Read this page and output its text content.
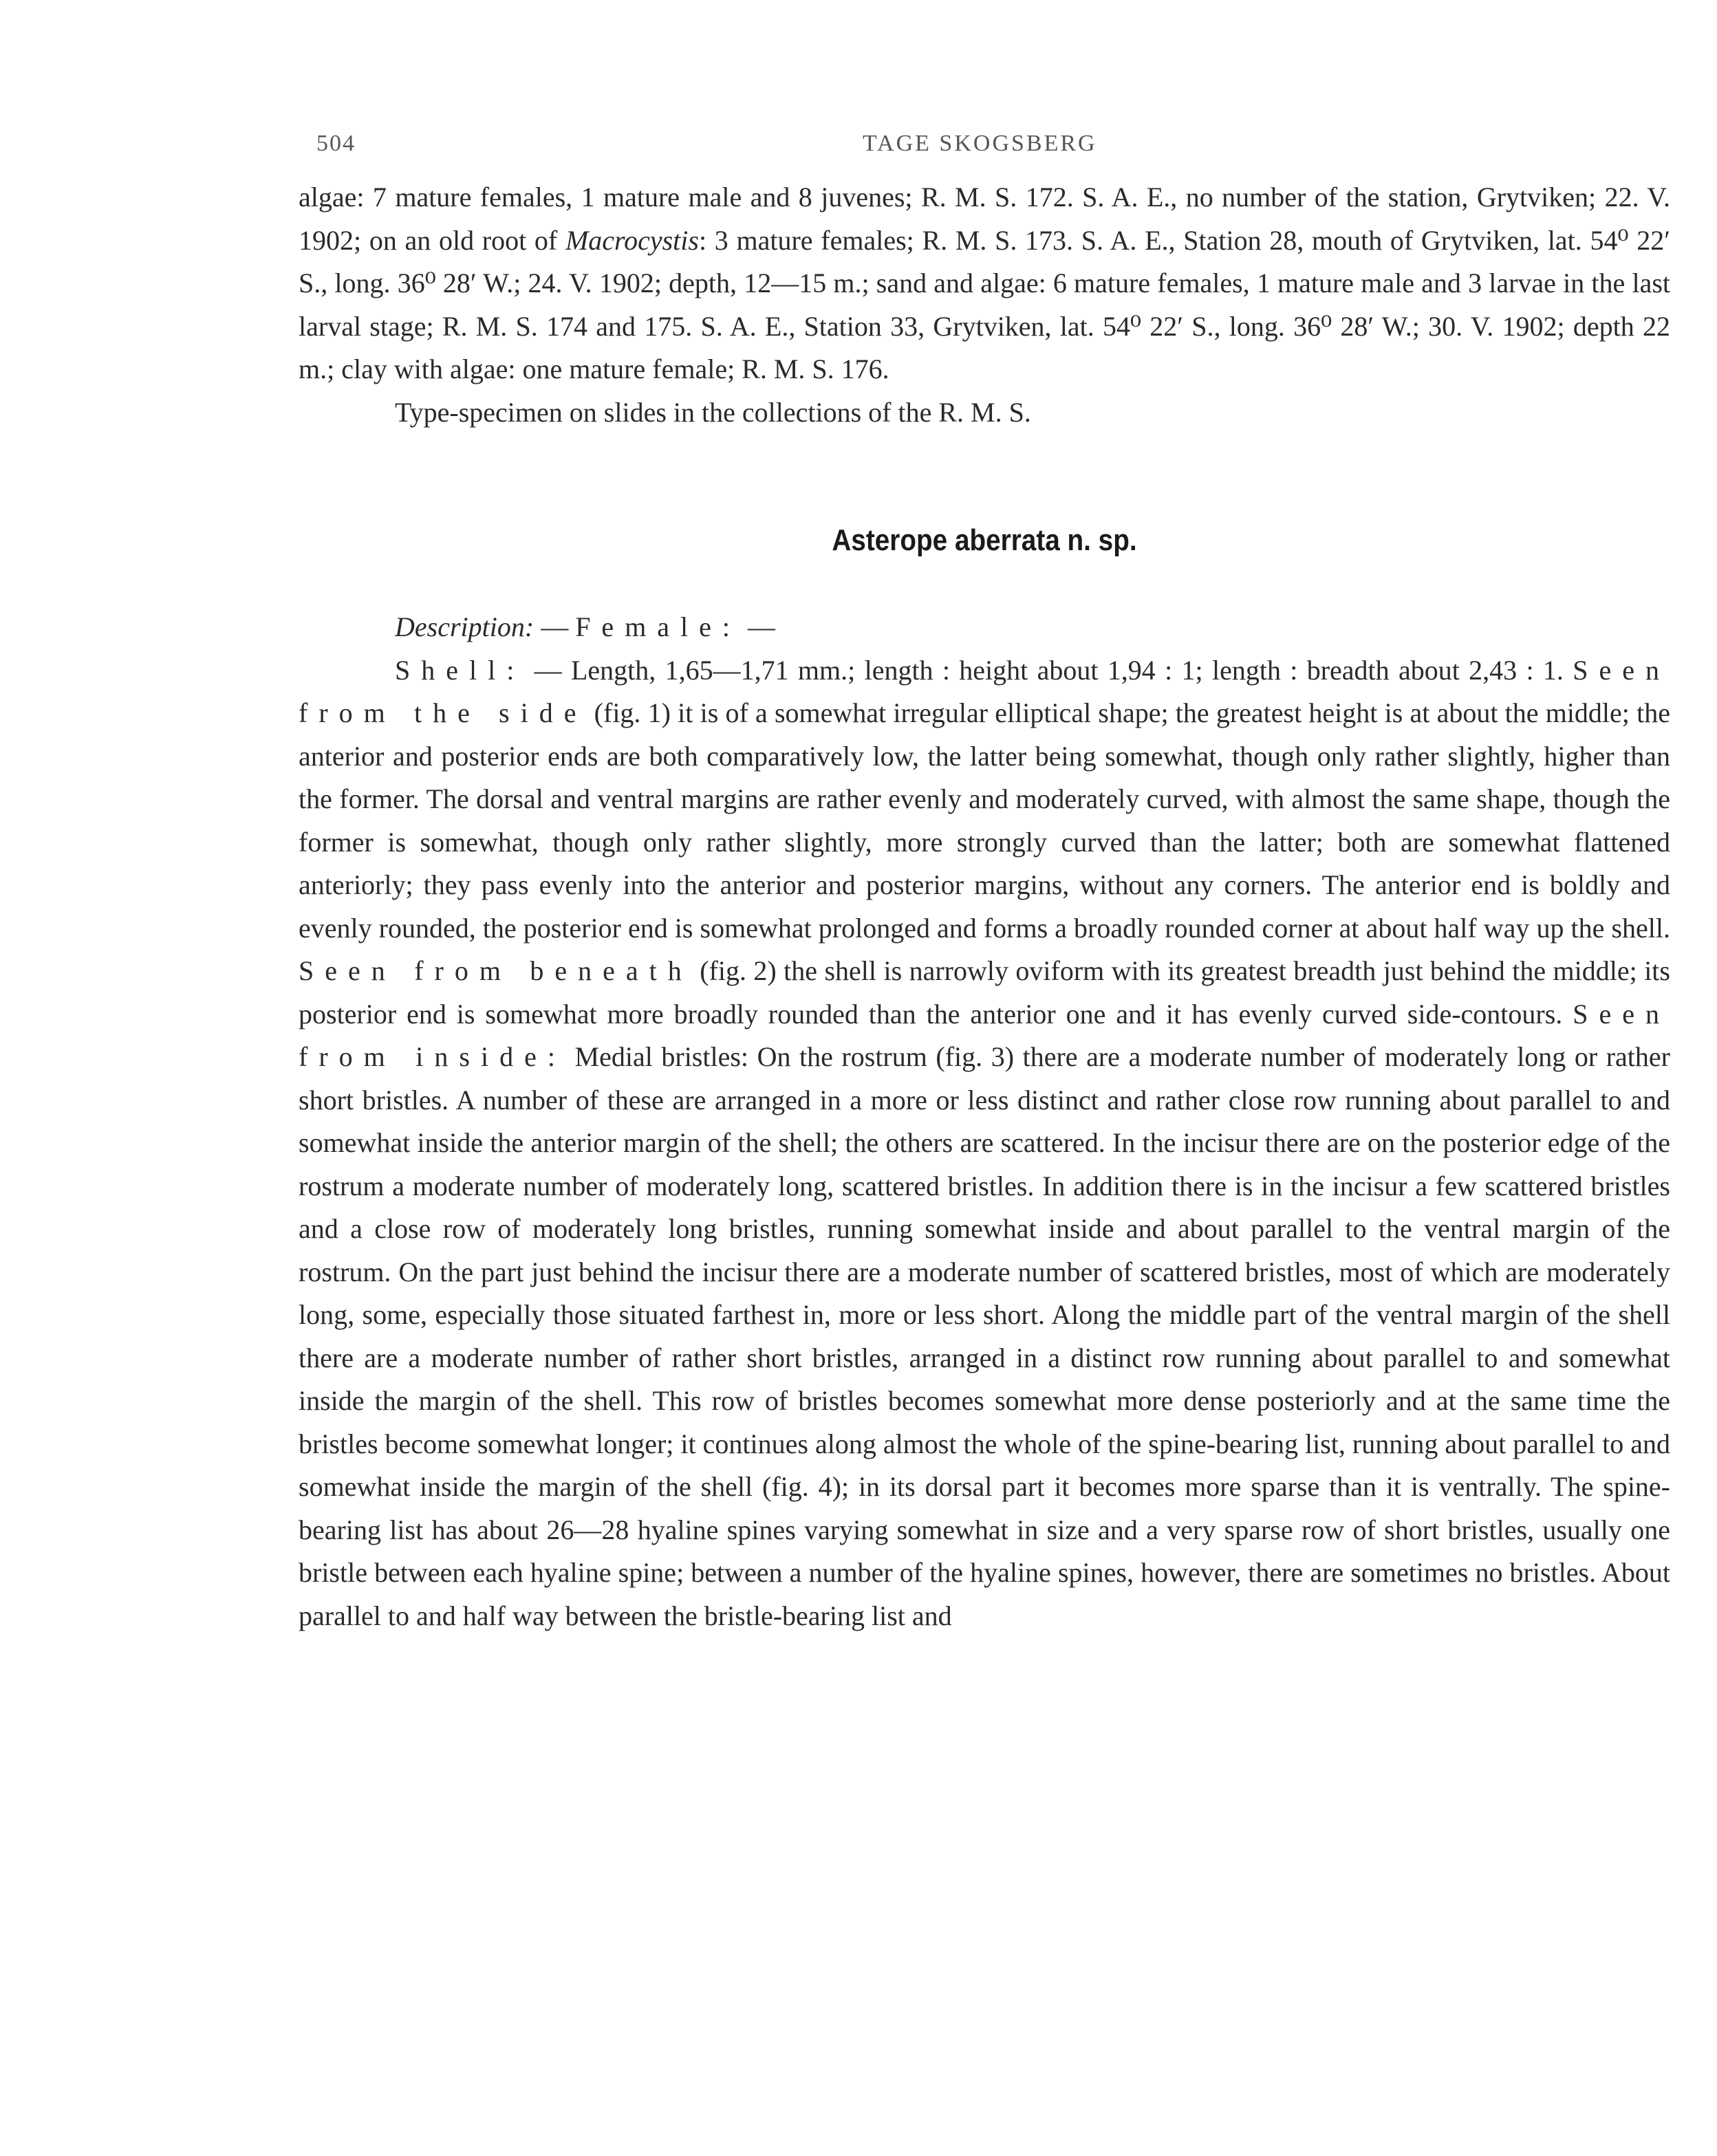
504	TAGE SKOGSBERG

algae: 7 mature females, 1 mature male and 8 juvenes; R. M. S. 172. S. A. E., no number of the station, Grytviken; 22. V. 1902; on an old root of Macrocystis: 3 mature females; R. M. S. 173. S. A. E., Station 28, mouth of Grytviken, lat. 54⁰ 22′ S., long. 36⁰ 28′ W.; 24. V. 1902; depth, 12—15 m.; sand and algae: 6 mature females, 1 mature male and 3 larvae in the last larval stage; R. M. S. 174 and 175. S. A. E., Station 33, Grytviken, lat. 54⁰ 22′ S., long. 36⁰ 28′ W.; 30. V. 1902; depth 22 m.; clay with algae: one mature female; R. M. S. 176.

Type-specimen on slides in the collections of the R. M. S.

Asterope aberrata n. sp.

Description: — Female: —

Shell: — Length, 1,65—1,71 mm.; length : height about 1,94 : 1; length : breadth about 2,43 : 1. Seen from the side (fig. 1) it is of a somewhat irregular elliptical shape; the greatest height is at about the middle; the anterior and posterior ends are both comparatively low, the latter being somewhat, though only rather slightly, higher than the former. The dorsal and ventral margins are rather evenly and moderately curved, with almost the same shape, though the former is somewhat, though only rather slightly, more strongly curved than the latter; both are somewhat flattened anteriorly; they pass evenly into the anterior and posterior margins, without any corners. The anterior end is boldly and evenly rounded, the posterior end is somewhat prolonged and forms a broadly rounded corner at about half way up the shell. Seen from beneath (fig. 2) the shell is narrowly oviform with its greatest breadth just behind the middle; its posterior end is somewhat more broadly rounded than the anterior one and it has evenly curved side-contours. Seen from inside: Medial bristles: On the rostrum (fig. 3) there are a moderate number of moderately long or rather short bristles. A number of these are arranged in a more or less distinct and rather close row running about parallel to and somewhat inside the anterior margin of the shell; the others are scattered. In the incisur there are on the posterior edge of the rostrum a moderate number of moderately long, scattered bristles. In addition there is in the incisur a few scattered bristles and a close row of moderately long bristles, running somewhat inside and about parallel to the ventral margin of the rostrum. On the part just behind the incisur there are a moderate number of scattered bristles, most of which are moderately long, some, especially those situated farthest in, more or less short. Along the middle part of the ventral margin of the shell there are a moderate number of rather short bristles, arranged in a distinct row running about parallel to and somewhat inside the margin of the shell. This row of bristles becomes somewhat more dense posteriorly and at the same time the bristles become somewhat longer; it continues along almost the whole of the spine-bearing list, running about parallel to and somewhat inside the margin of the shell (fig. 4); in its dorsal part it becomes more sparse than it is ventrally. The spine-bearing list has about 26—28 hyaline spines varying somewhat in size and a very sparse row of short bristles, usually one bristle between each hyaline spine; between a number of the hyaline spines, however, there are sometimes no bristles. About parallel to and half way between the bristle-bearing list and
